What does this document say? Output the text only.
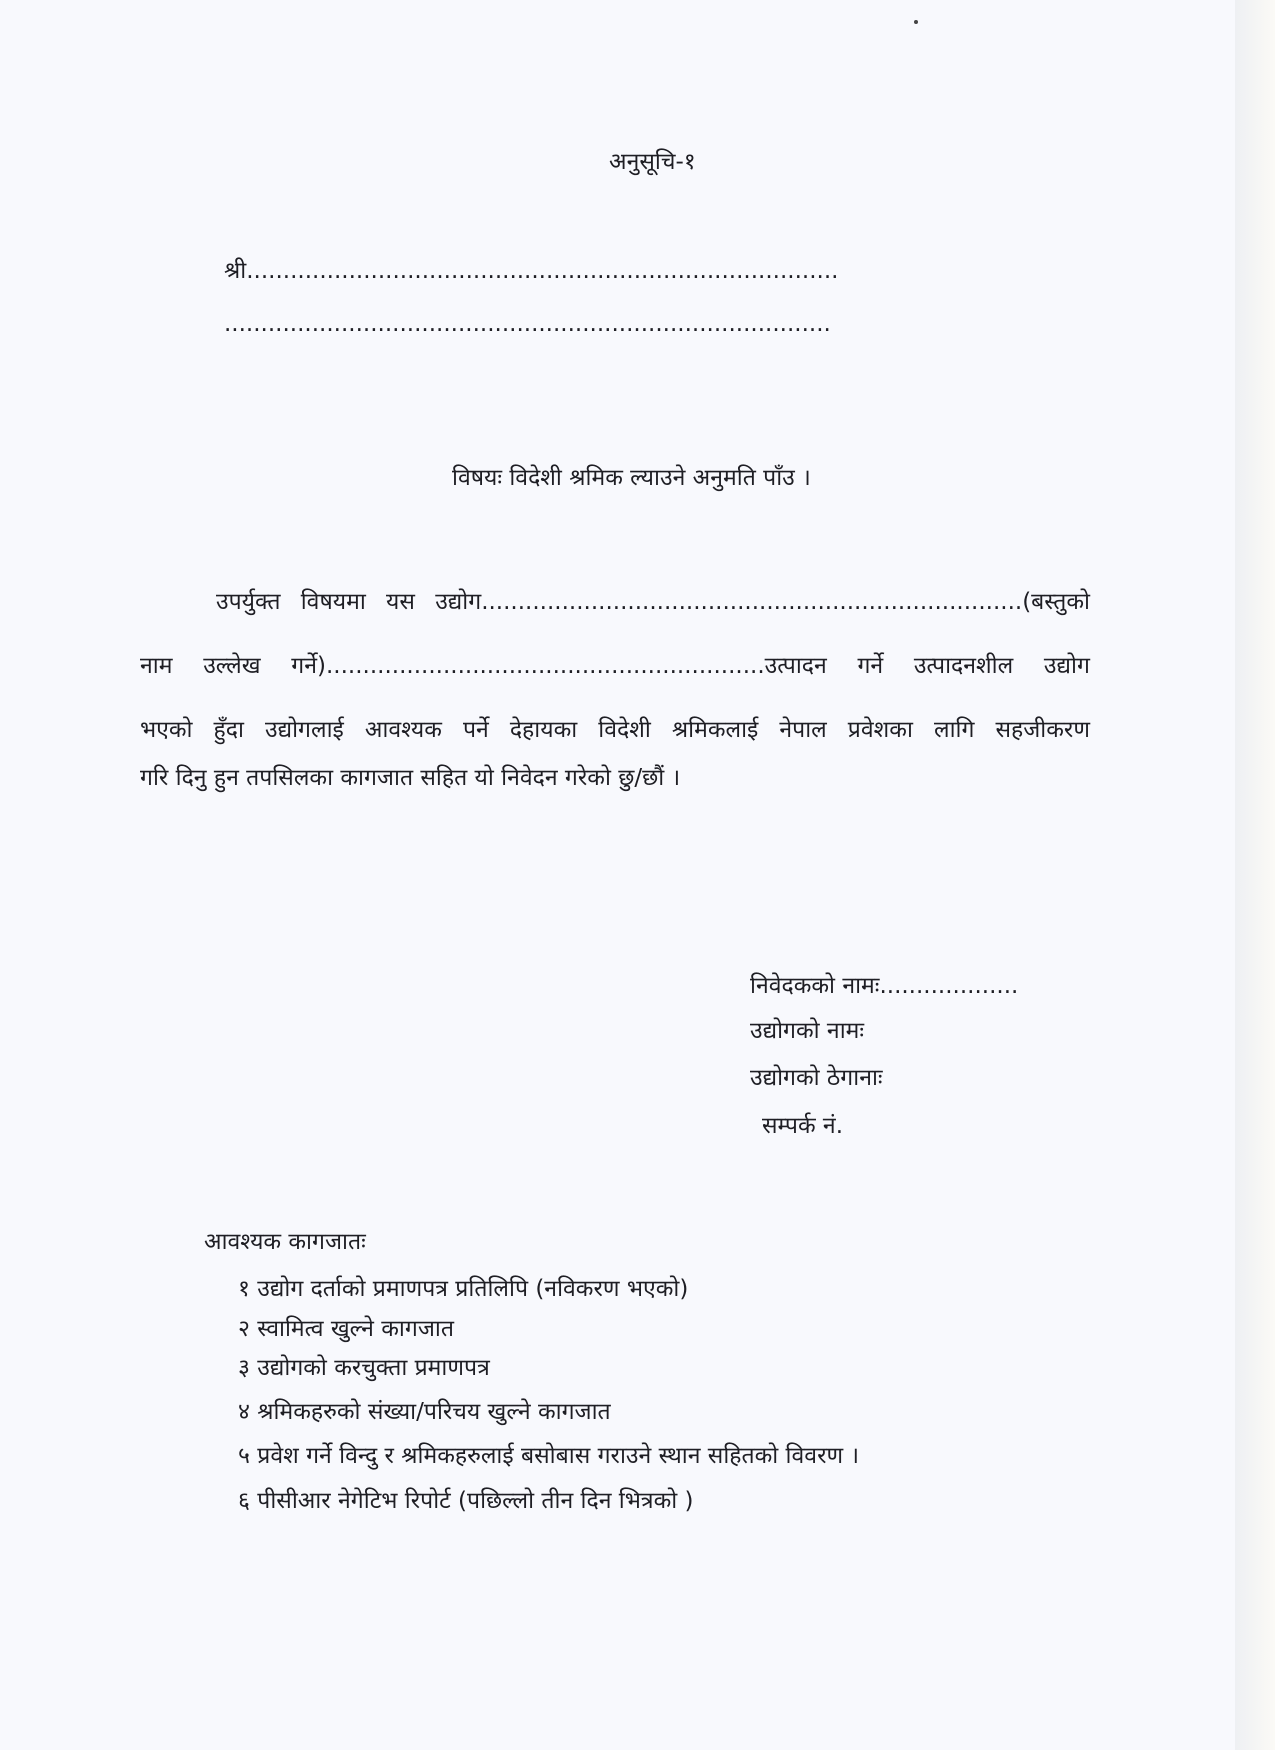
अनुसूचि-१
श्री.................................................................................
...................................................................................
विषयः विदेशी श्रमिक ल्याउने अनुमति पाँउ ।
उपर्युक्त विषयमा यस उद्योग..........................................................................(बस्तुको
नाम उल्लेख गर्ने)............................................................उत्पादन गर्ने उत्पादनशील उद्योग
भएको हुँदा उद्योगलाई आवश्यक पर्ने देहायका विदेशी श्रमिकलाई नेपाल प्रवेशका लागि सहजीकरण
गरि दिनु हुन तपसिलका कागजात सहित यो निवेदन गरेको छु/छौं ।
निवेदकको नामः...................
उद्योगको नामः
उद्योगको ठेगानाः
सम्पर्क नं.
आवश्यक कागजातः
१ उद्योग दर्ताको प्रमाणपत्र प्रतिलिपि (नविकरण भएको)
२ स्वामित्व खुल्ने कागजात
३ उद्योगको करचुक्ता प्रमाणपत्र
४ श्रमिकहरुको संख्या/परिचय खुल्ने कागजात
५ प्रवेश गर्ने विन्दु र श्रमिकहरुलाई बसोबास गराउने स्थान सहितको विवरण ।
६ पीसीआर नेगेटिभ रिपोर्ट (पछिल्लो तीन दिन भित्रको )
